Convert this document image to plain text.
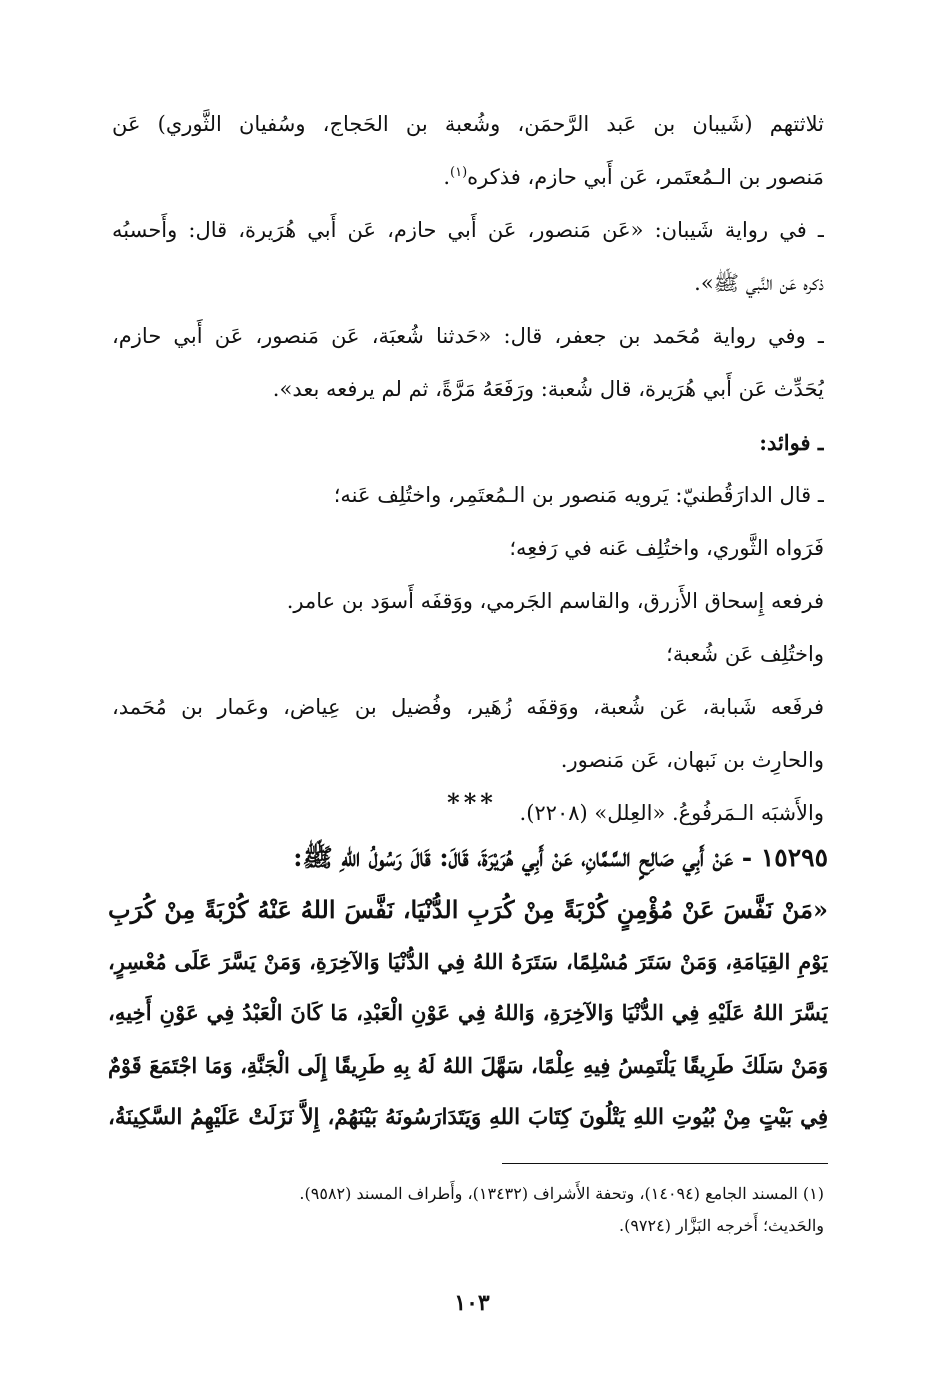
ثلاثتهم (شَيبان بن عَبد الرَّحمَن، وشُعبة بن الحَجاج، وسُفيان الثَّوري) عَن
مَنصور بن الـمُعتَمر، عَن أَبي حازم، فذكره$^{(١)}$.
ـ في رواية شَيبان: «عَن مَنصور، عَن أَبي حازم، عَن أَبي هُرَيرة، قال: وأَحسبُه
ذكره عَن النَّبي ﷺ».
ـ وفي رواية مُحَمد بن جعفر، قال: «حَدثنا شُعبَة، عَن مَنصور، عَن أَبي حازم،
يُحَدِّث عَن أَبي هُرَيرة، قال شُعبة: ورَفَعَهُ مَرَّةً، ثم لم يرفعه بعد».
ـ فوائد:
ـ قال الدارَقُطنيّ: يَرويه مَنصور بن الـمُعتَمِر، واختُلِف عَنه؛
فَرَواه الثَّوري، واختُلِف عَنه في رَفعِه؛
فرفعه إِسحاق الأَزرق، والقاسم الجَرمي، ووَقفَه أَسوَد بن عامر.
واختُلِف عَن شُعبة؛
فرفَعه شَبابة، عَن شُعبة، ووَقفَه زُهَير، وفُضيل بن عِياض، وعَمار بن مُحَمد،
والحارِث بن نَبهان، عَن مَنصور.
والأَشبَه الـمَرفُوعُ. «العِلل» (٢٢٠٨).
***
١٥٢٩٥ - عَنْ أَبِي صَالِحٍ السَّمَّانِ، عَنْ أَبِي هُرَيْرَةَ، قَالَ: قَالَ رَسُولُ اللهِ ﷺ:
«مَنْ نَفَّسَ عَنْ مُؤْمِنٍ كُرْبَةً مِنْ كُرَبِ الدُّنْيَا، نَفَّسَ اللهُ عَنْهُ كُرْبَةً مِنْ كُرَبِ
يَوْمِ القِيَامَةِ، وَمَنْ سَتَرَ مُسْلِمًا، سَتَرَهُ اللهُ فِي الدُّنْيَا وَالآخِرَةِ، وَمَنْ يَسَّرَ عَلَى مُعْسِرٍ،
يَسَّرَ اللهُ عَلَيْهِ فِي الدُّنْيَا وَالآخِرَةِ، وَاللهُ فِي عَوْنِ الْعَبْدِ، مَا كَانَ الْعَبْدُ فِي عَوْنِ أَخِيهِ،
وَمَنْ سَلَكَ طَرِيقًا يَلْتَمِسُ فِيهِ عِلْمًا، سَهَّلَ اللهُ لَهُ بِهِ طَرِيقًا إِلَى الْجَنَّةِ، وَمَا اجْتَمَعَ قَوْمٌ
فِي بَيْتٍ مِنْ بُيُوتِ اللهِ يَتْلُونَ كِتَابَ اللهِ وَيَتَدَارَسُونَهُ بَيْنَهُمْ، إِلاَّ نَزَلَتْ عَلَيْهِمُ السَّكِينَةُ،
(١) المسند الجامع (١٤٠٩٤)، وتحفة الأَشراف (١٣٤٣٢)، وأَطراف المسند (٩٥٨٢).
والحَديث؛ أَخرجه البَزَّار (٩٧٢٤).
١٠٣
